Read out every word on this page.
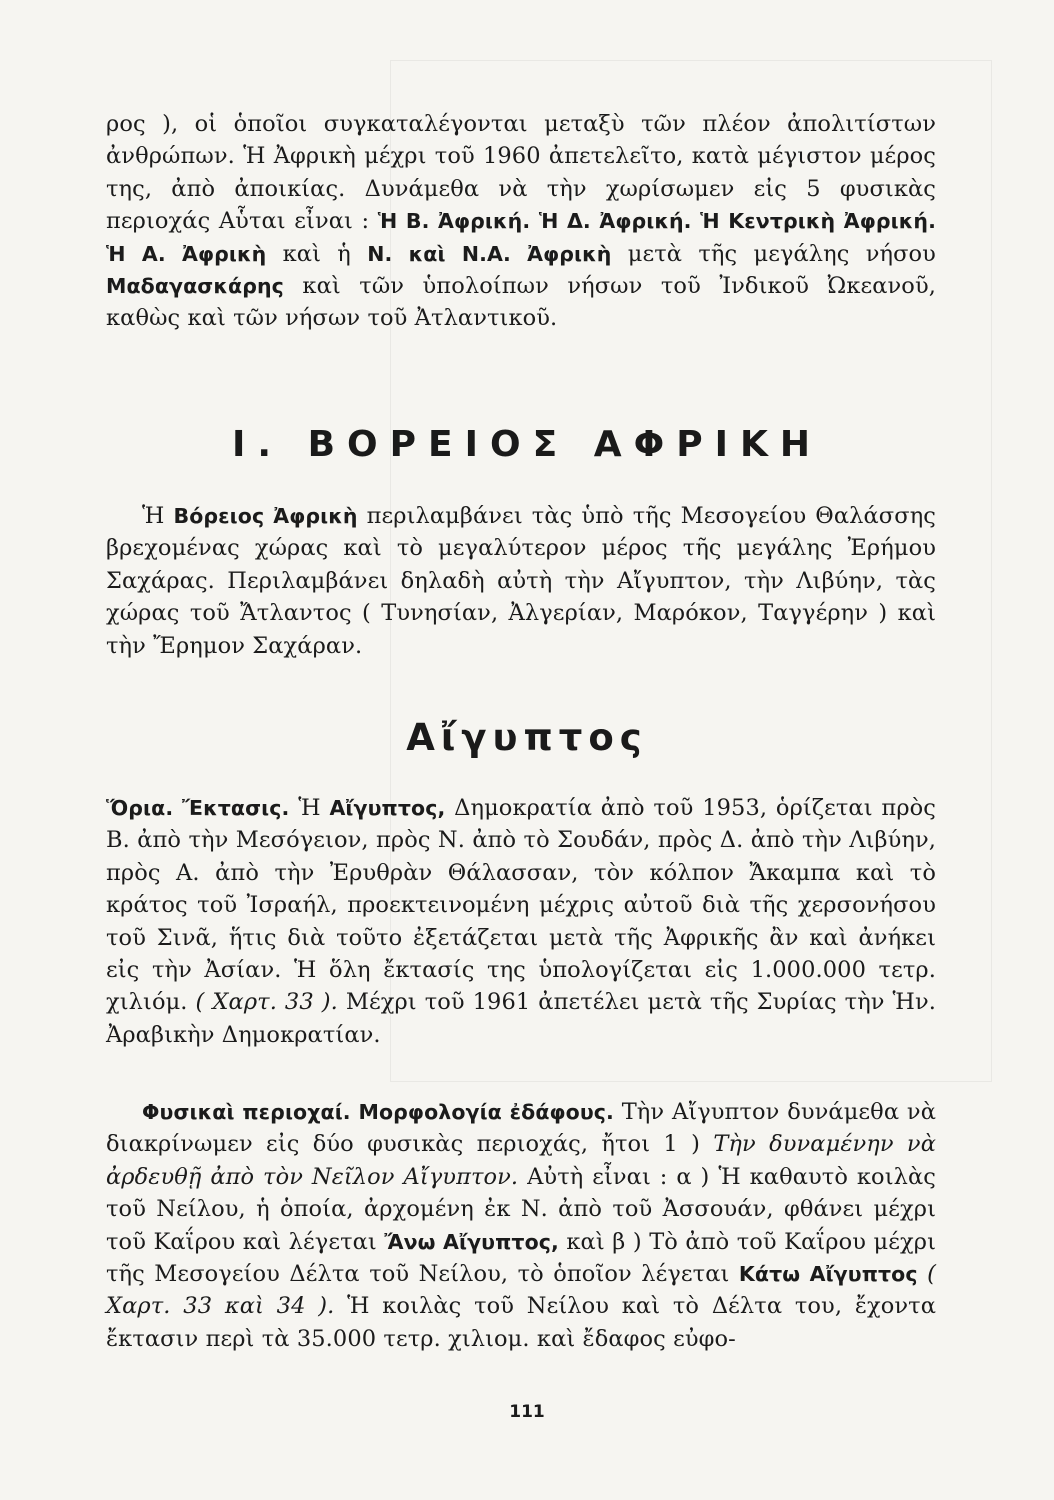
ρος ), οἱ ὁποῖοι συγκαταλέγονται μεταξὺ τῶν πλέον ἀπολιτίστων ἀνθρώπων. Ἡ Ἀφρικὴ μέχρι τοῦ 1960 ἀπετελεῖτο, κατὰ μέγιστον μέρος της, ἀπὸ ἀποικίας. Δυνάμεθα νὰ τὴν χωρίσωμεν εἰς 5 φυσικὰς περιοχάς Αὗται εἶναι : Ἡ Β. Ἀφρική. Ἡ Δ. Ἀφρική. Ἡ Κεντρικὴ Ἀφρική. Ἡ Α. Ἀφρικὴ καὶ ἡ Ν. καὶ Ν.Α. Ἀφρικὴ μετὰ τῆς μεγάλης νήσου Μαδαγασκάρης καὶ τῶν ὑπολοίπων νήσων τοῦ Ἰνδικοῦ Ὠκεανοῦ, καθὼς καὶ τῶν νήσων τοῦ Ἀτλαντικοῦ.

I. ΒΟΡΕΙΟΣ ΑΦΡΙΚΗ

Ἡ Βόρειος Ἀφρικὴ περιλαμβάνει τὰς ὑπὸ τῆς Μεσογείου Θαλάσσης βρεχομένας χώρας καὶ τὸ μεγαλύτερον μέρος τῆς μεγάλης Ἐρήμου Σαχάρας. Περιλαμβάνει δηλαδὴ αὐτὴ τὴν Αἴγυπτον, τὴν Λιβύην, τὰς χώρας τοῦ Ἄτλαντος ( Τυνησίαν, Ἀλγερίαν, Μαρόκον, Ταγγέρην ) καὶ τὴν Ἔρημον Σαχάραν.

Αἴγυπτος

Ὅρια. Ἔκτασις. Ἡ Αἴγυπτος, Δημοκρατία ἀπὸ τοῦ 1953, ὁρίζεται πρὸς Β. ἀπὸ τὴν Μεσόγειον, πρὸς Ν. ἀπὸ τὸ Σουδάν, πρὸς Δ. ἀπὸ τὴν Λιβύην, πρὸς Α. ἀπὸ τὴν Ἐρυθρὰν Θάλασσαν, τὸν κόλπον Ἄκαμπα καὶ τὸ κράτος τοῦ Ἰσραήλ, προεκτεινομένη μέχρις αὐτοῦ διὰ τῆς χερσονήσου τοῦ Σινᾶ, ἥτις διὰ τοῦτο ἐξετάζεται μετὰ τῆς Ἀφρικῆς ἂν καὶ ἀνήκει εἰς τὴν Ἀσίαν. Ἡ ὅλη ἔκτασίς της ὑπολογίζεται εἰς 1.000.000 τετρ. χιλιόμ. ( Χαρτ. 33 ). Μέχρι τοῦ 1961 ἀπετέλει μετὰ τῆς Συρίας τὴν Ἡν. Ἀραβικὴν Δημοκρατίαν.

Φυσικαὶ περιοχαί. Μορφολογία ἐδάφους. Τὴν Αἴγυπτον δυνάμεθα νὰ διακρίνωμεν εἰς δύο φυσικὰς περιοχάς, ἤτοι 1 ) Τὴν δυναμένην νὰ ἀρδευθῇ ἀπὸ τὸν Νεῖλον Αἴγυπτον. Αὐτὴ εἶναι : α ) Ἡ καθαυτὸ κοιλὰς τοῦ Νείλου, ἡ ὁποία, ἀρχομένη ἐκ Ν. ἀπὸ τοῦ Ἀσσουάν, φθάνει μέχρι τοῦ Καΐρου καὶ λέγεται Ἄνω Αἴγυπτος, καὶ β ) Τὸ ἀπὸ τοῦ Καΐρου μέχρι τῆς Μεσογείου Δέλτα τοῦ Νείλου, τὸ ὁποῖον λέγεται Κάτω Αἴγυπτος ( Χαρτ. 33 καὶ 34 ). Ἡ κοιλὰς τοῦ Νείλου καὶ τὸ Δέλτα του, ἔχοντα ἔκτασιν περὶ τὰ 35.000 τετρ. χιλιομ. καὶ ἔδαφος εὐφο-

111
